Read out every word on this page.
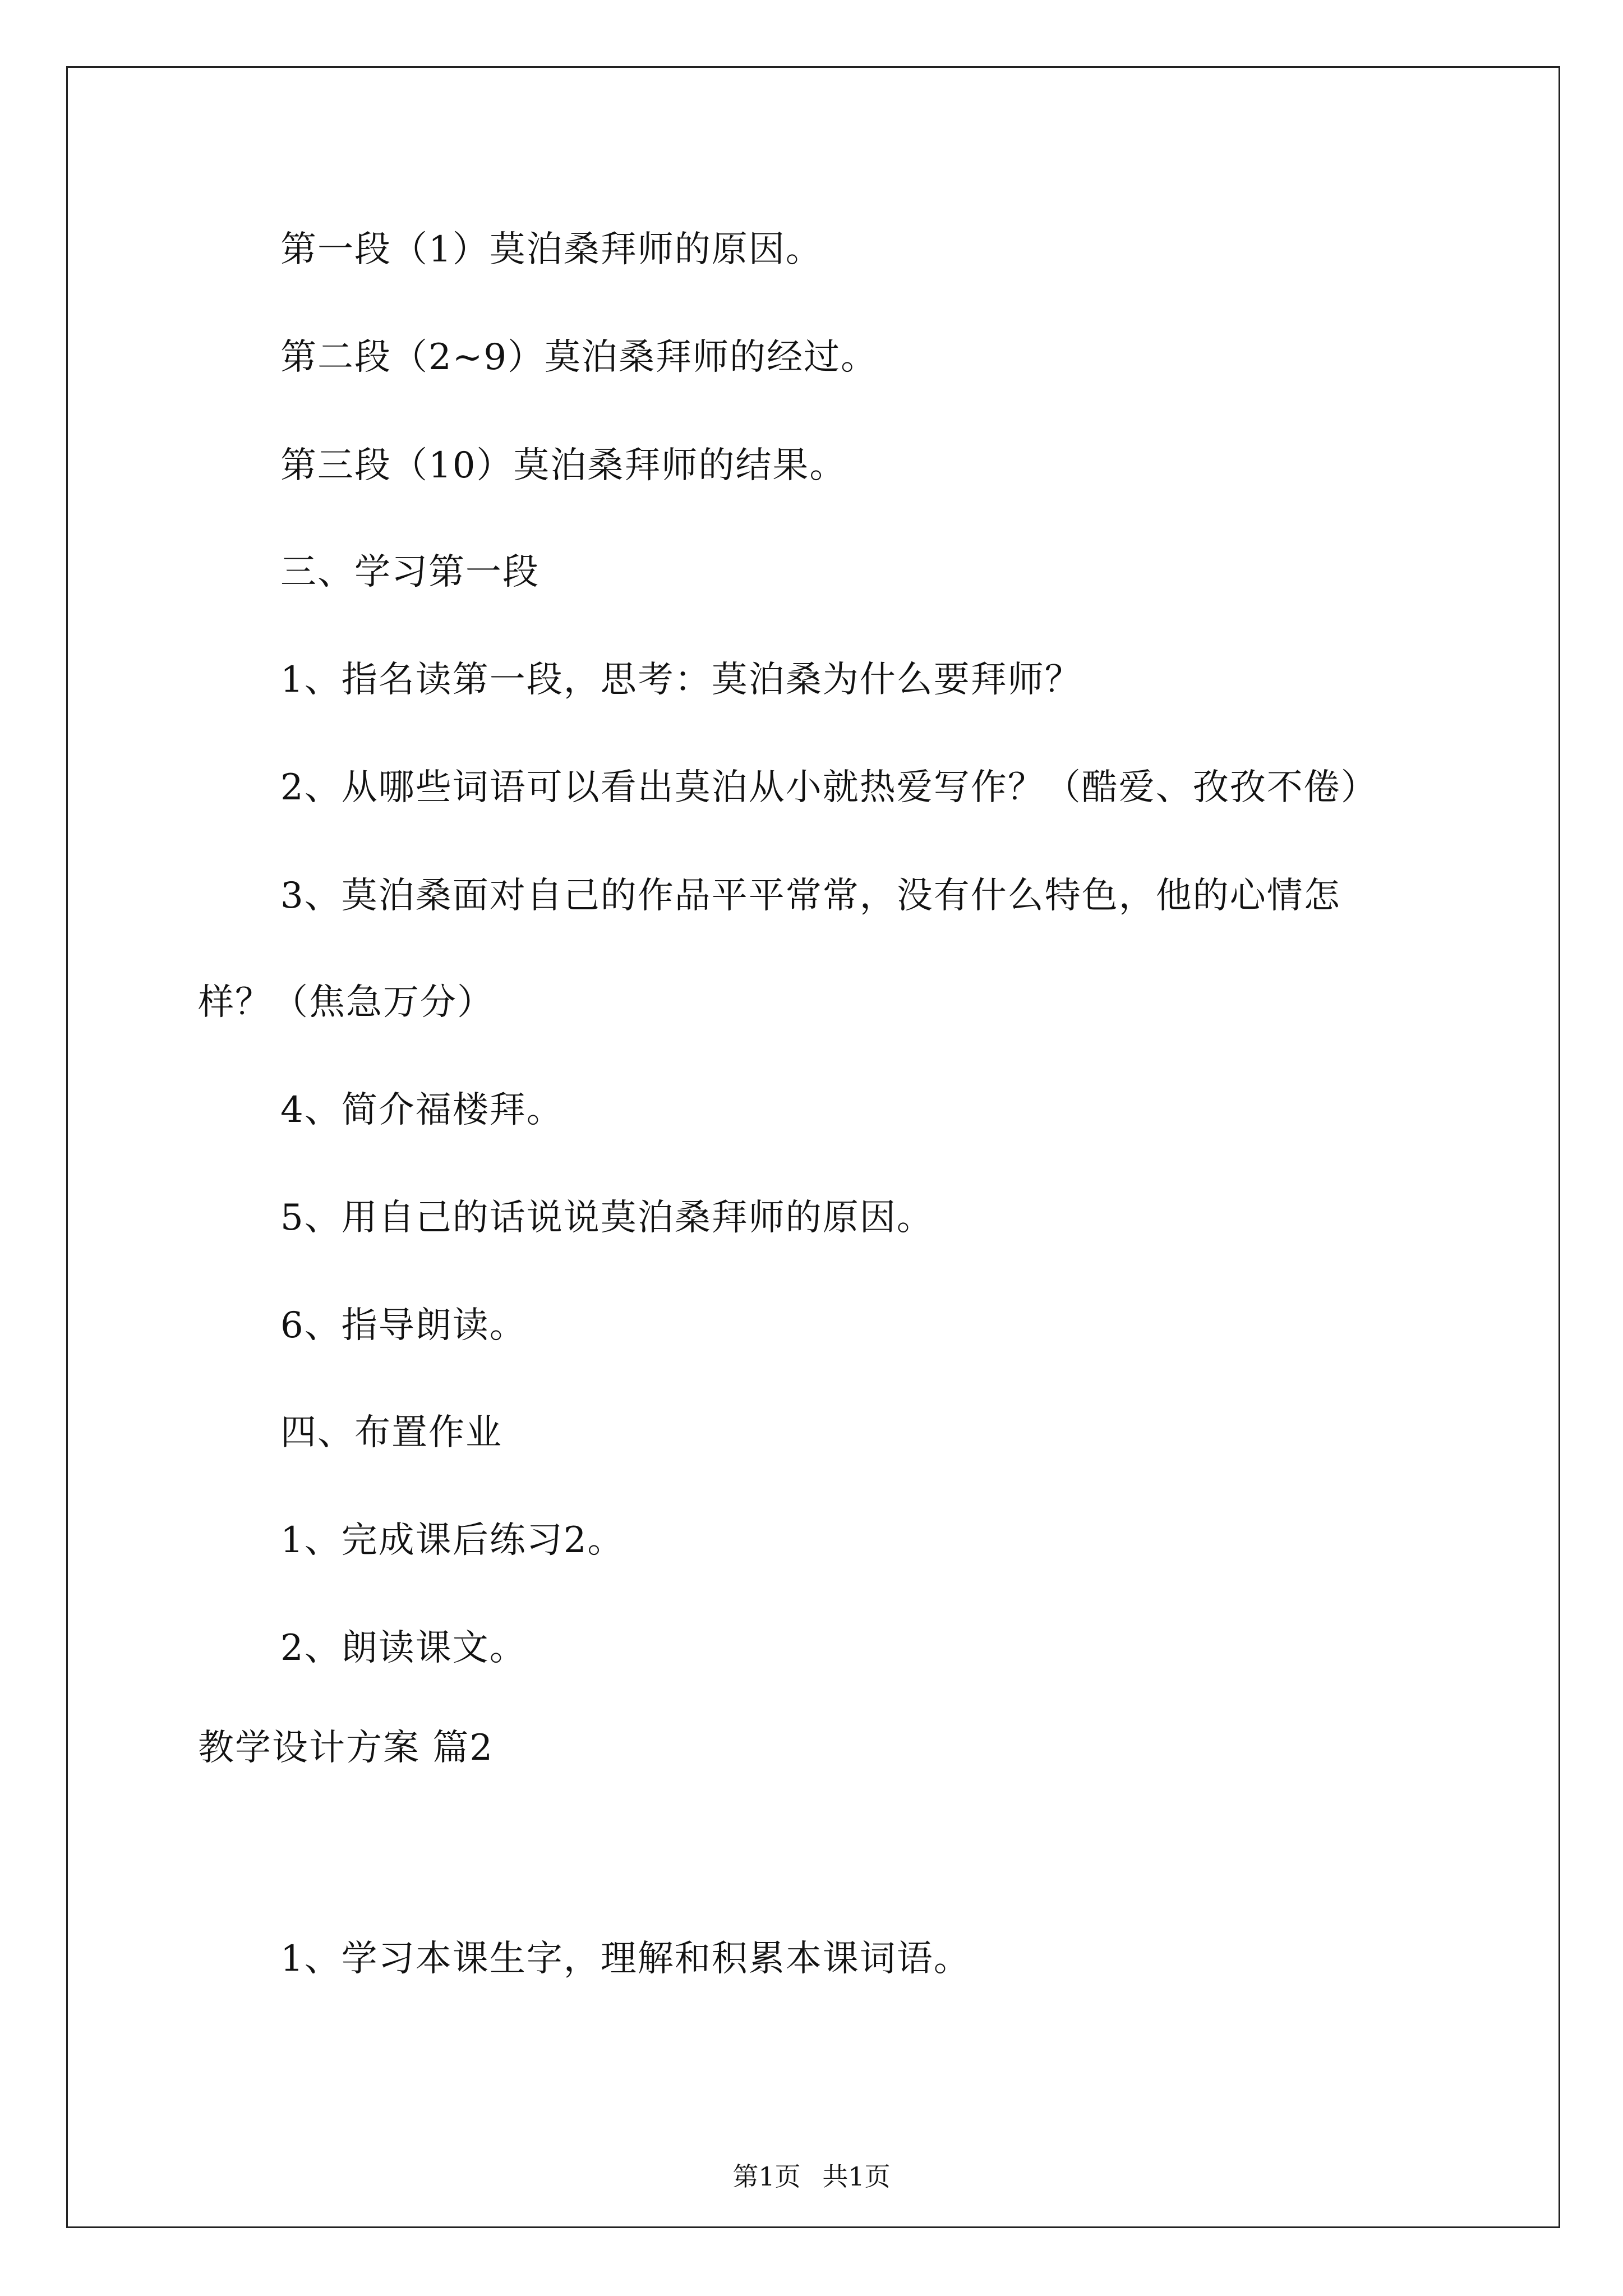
第一段（1）莫泊桑拜师的原因。
第二段（2~9）莫泊桑拜师的经过。
第三段（10）莫泊桑拜师的结果。
三、学习第一段
1、指名读第一段，思考：莫泊桑为什么要拜师？
2、从哪些词语可以看出莫泊从小就热爱写作？（酷爱、孜孜不倦）
3、莫泊桑面对自己的作品平平常常，没有什么特色，他的心情怎
样？（焦急万分）
4、简介福楼拜。
5、用自己的话说说莫泊桑拜师的原因。
6、指导朗读。
四、布置作业
1、完成课后练习2。
2、朗读课文。
教学设计方案 篇2
1、学习本课生字，理解和积累本课词语。
第1页 共1页
